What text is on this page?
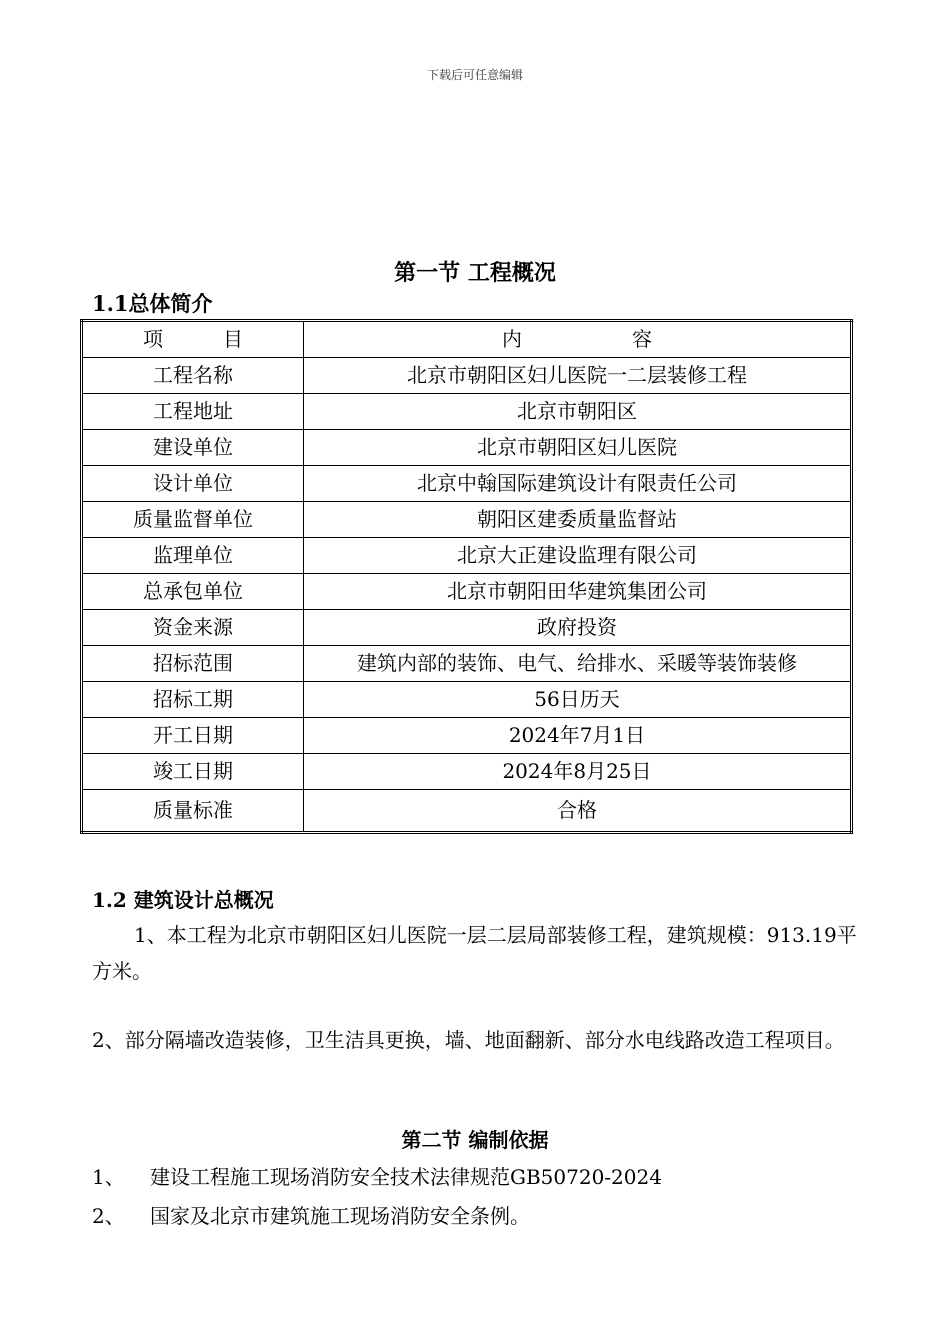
下载后可任意编辑
第一节 工程概况
1.1总体简介
项目	内容
工程名称	北京市朝阳区妇儿医院一二层装修工程
工程地址	北京市朝阳区
建设单位	北京市朝阳区妇儿医院
设计单位	北京中翰国际建筑设计有限责任公司
质量监督单位	朝阳区建委质量监督站
监理单位	北京大正建设监理有限公司
总承包单位	北京市朝阳田华建筑集团公司
资金来源	政府投资
招标范围	建筑内部的装饰、电气、给排水、采暖等装饰装修
招标工期	56日历天
开工日期	2024年7月1日
竣工日期	2024年8月25日
质量标准	合格
1.2 建筑设计总概况
1、本工程为北京市朝阳区妇儿医院一层二层局部装修工程，建筑规模：913.19平方米。
2、部分隔墙改造装修，卫生洁具更换，墙、地面翻新、部分水电线路改造工程项目。
第二节 编制依据
1、 建设工程施工现场消防安全技术法律规范GB50720-2024
2、 国家及北京市建筑施工现场消防安全条例。
